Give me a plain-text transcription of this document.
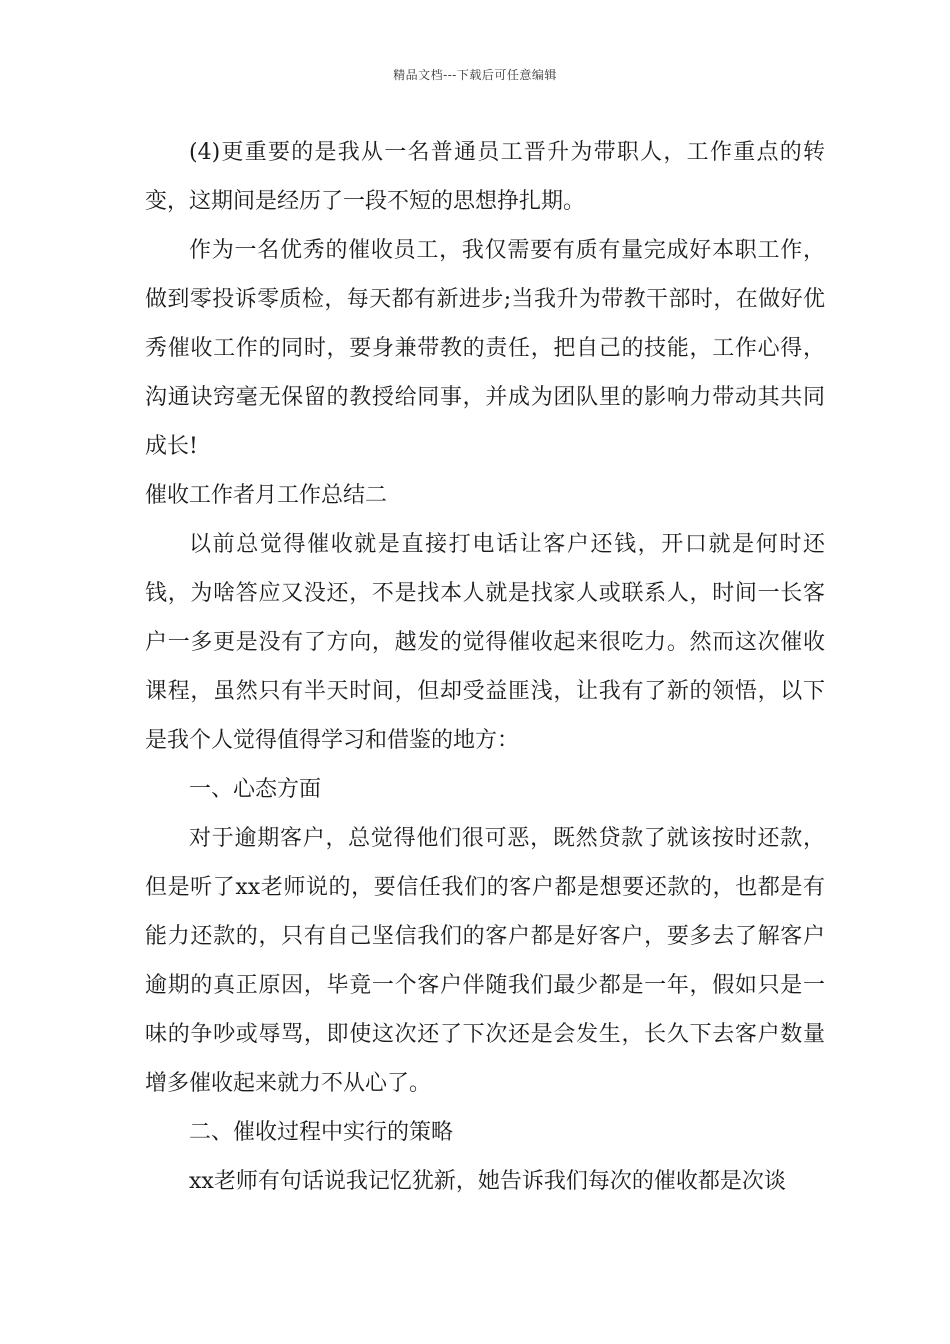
精品文档---下载后可任意编辑

(4)更重要的是我从一名普通员工晋升为带职人，工作重点的转变，这期间是经历了一段不短的思想挣扎期。

作为一名优秀的催收员工，我仅需要有质有量完成好本职工作，做到零投诉零质检，每天都有新进步;当我升为带教干部时，在做好优秀催收工作的同时，要身兼带教的责任，把自己的技能，工作心得，沟通诀窍毫无保留的教授给同事，并成为团队里的影响力带动其共同成长!

催收工作者月工作总结二

以前总觉得催收就是直接打电话让客户还钱，开口就是何时还钱，为啥答应又没还，不是找本人就是找家人或联系人，时间一长客户一多更是没有了方向，越发的觉得催收起来很吃力。然而这次催收课程，虽然只有半天时间，但却受益匪浅，让我有了新的领悟，以下是我个人觉得值得学习和借鉴的地方：

一、心态方面

对于逾期客户，总觉得他们很可恶，既然贷款了就该按时还款，但是听了xx老师说的，要信任我们的客户都是想要还款的，也都是有能力还款的，只有自己坚信我们的客户都是好客户，要多去了解客户逾期的真正原因，毕竟一个客户伴随我们最少都是一年，假如只是一味的争吵或辱骂，即使这次还了下次还是会发生，长久下去客户数量增多催收起来就力不从心了。

二、催收过程中实行的策略

xx老师有句话说我记忆犹新，她告诉我们每次的催收都是次谈
